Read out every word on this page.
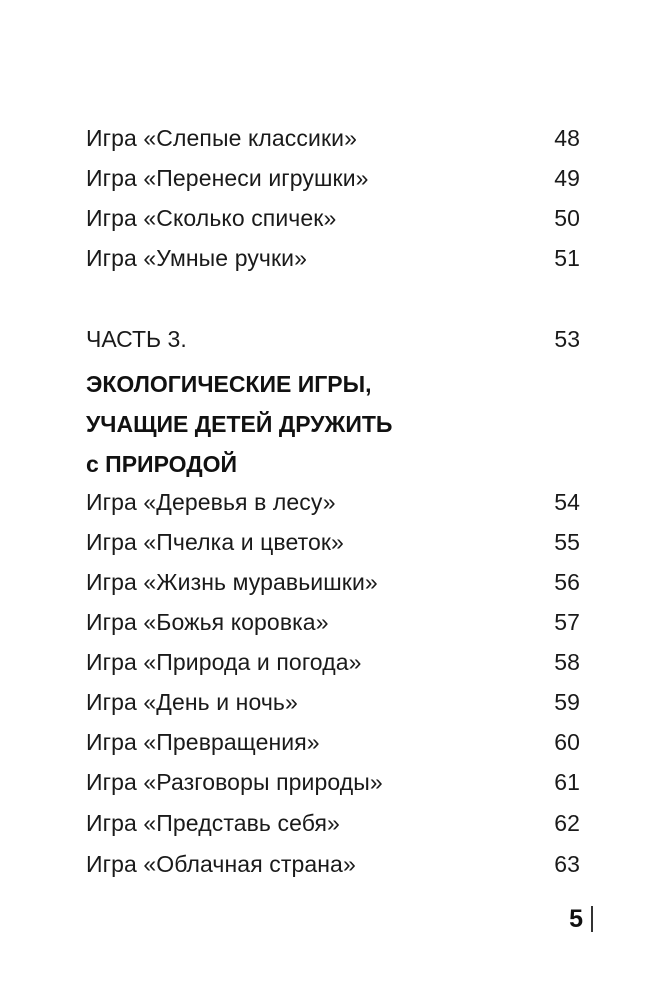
Игра «Слепые классики»	48
Игра «Перенеси игрушки»	49
Игра «Сколько спичек»	50
Игра «Умные ручки»	51
ЧАСТЬ 3.	53
ЭКОЛОГИЧЕСКИЕ ИГРЫ,
УЧАЩИЕ ДЕТЕЙ ДРУЖИТЬ
с ПРИРОДОЙ
Игра «Деревья в лесу»	54
Игра «Пчелка и цветок»	55
Игра «Жизнь муравьишки»	56
Игра «Божья коровка»	57
Игра «Природа и погода»	58
Игра «День и ночь»	59
Игра «Превращения»	60
Игра «Разговоры природы»	61
Игра «Представь себя»	62
Игра «Облачная страна»	63
5
